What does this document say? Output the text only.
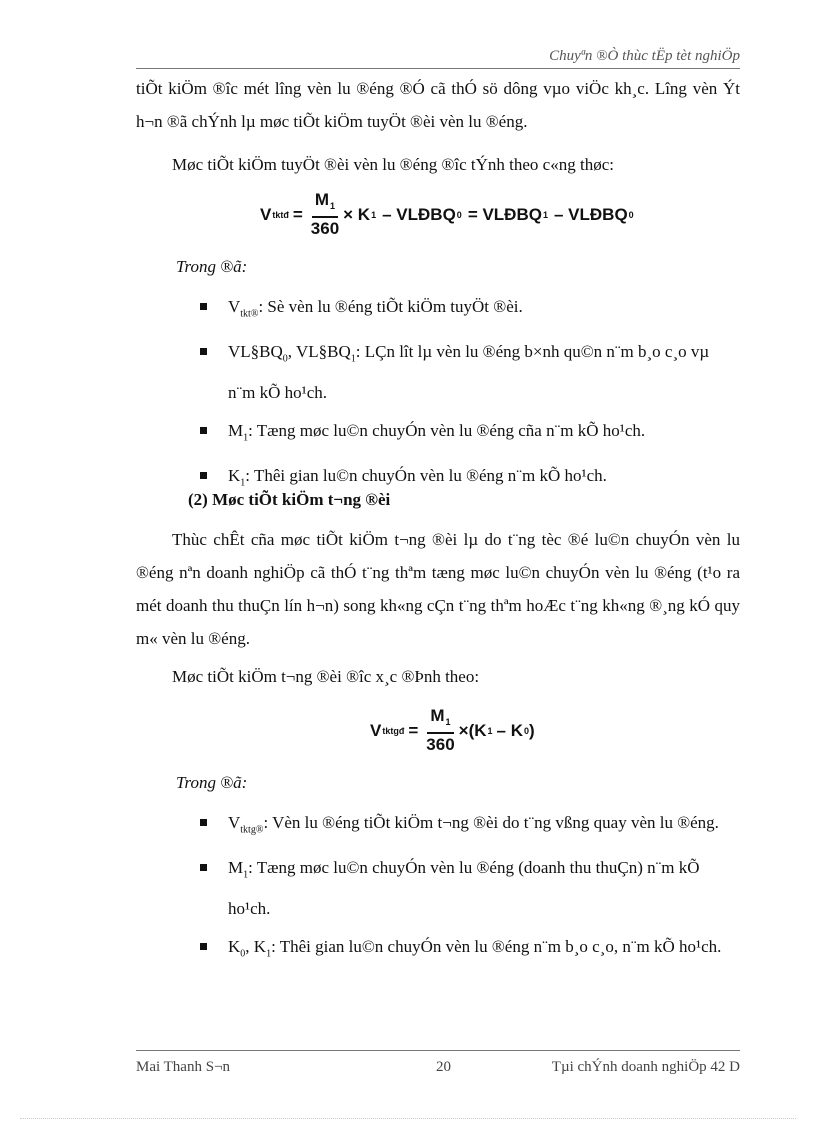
Chuyªn ®Ò thùc tËp tèt nghiÖp
tiÕt kiÖm ®îc mét lîng vèn lu ®éng ®Ó cã thÓ sö dông vµo viÖc kh¸c. Lîng vèn Ýt h¬n ®ã chÝnh lµ møc tiÕt kiÖm tuyÖt ®èi vèn lu ®éng.
Møc tiÕt kiÖm tuyÖt ®èi vèn lu ®éng ®îc tÝnh theo c«ng thøc:
V tktđ = $\frac{M_1}{360} \times K$ 1 – VLĐBQ 0 = VLĐBQ 1 – VLĐBQ 0
Trong ®ã:
$V_{tkt®}$: Sè vèn lu ®éng tiÕt kiÖm tuyÖt ®èi.
$VL\S BQ_0$, $VL\S BQ_1$: LÇn lît lµ vèn lu ®éng b×nh qu©n n¨m b¸o c¸o vµ n¨m kÕ ho¹ch.
$M_1$: Tæng møc lu©n chuyÓn vèn lu ®éng cña n¨m kÕ ho¹ch.
$K_1$: Thêi gian lu©n chuyÓn vèn lu ®éng n¨m kÕ ho¹ch.
(2) Møc tiÕt kiÖm t¬ng ®èi
Thùc chÊt cña møc tiÕt kiÖm t¬ng ®èi lµ do t¨ng tèc ®é lu©n chuyÓn vèn lu ®éng nªn doanh nghiÖp cã thÓ t¨ng thªm tæng møc lu©n chuyÓn vèn lu ®éng (t¹o ra mét doanh thu thuÇn lín h¬n) song kh«ng cÇn t¨ng thªm hoÆc t¨ng kh«ng ®¸ng kÓ quy m« vèn lu ®éng.
Møc tiÕt kiÖm t¬ng ®èi ®îc x¸c ®Þnh theo:
V tktgđ = $\frac{M_1}{360} \times(K$ 1 – K 0 )
Trong ®ã:
$V_{tktg®}$: Vèn lu ®éng tiÕt kiÖm t¬ng ®èi do t¨ng vßng quay vèn lu ®éng.
$M_1$: Tæng møc lu©n chuyÓn vèn lu ®éng (doanh thu thuÇn) n¨m kÕ ho¹ch.
$K_0$, $K_1$: Thêi gian lu©n chuyÓn vèn lu ®éng n¨m b¸o c¸o, n¨m kÕ ho¹ch.
Mai Thanh S¬n	20	Tµi chÝnh doanh nghiÖp 42 D
